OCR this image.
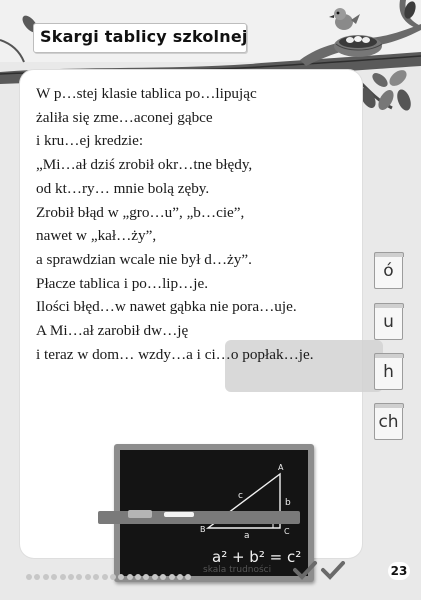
Skargi tablicy szkolnej
W p…stej klasie tablica po…lipując
żaliła się zme…aconej gąbce
i kru…ej kredzie:
„Mi…ał dziś zrobił okr…tne błędy,
od kt…ry… mnie bolą zęby.
Zrobił błąd w „gro…u”, „b…cie”,
nawet w „kał…ży”,
a sprawdzian wcale nie był d…ży”.
Płacze tablica i po…lip…je.
Ilości błęd…w nawet gąbka nie pora…uje.
A Mi…ał zarobił dw…ję
i teraz w dom… wzdy…a i ci…o popłak…je.
B
A
C
a
b
c
a² + b² = c²
ó
u
h
ch
skala trudności	23
